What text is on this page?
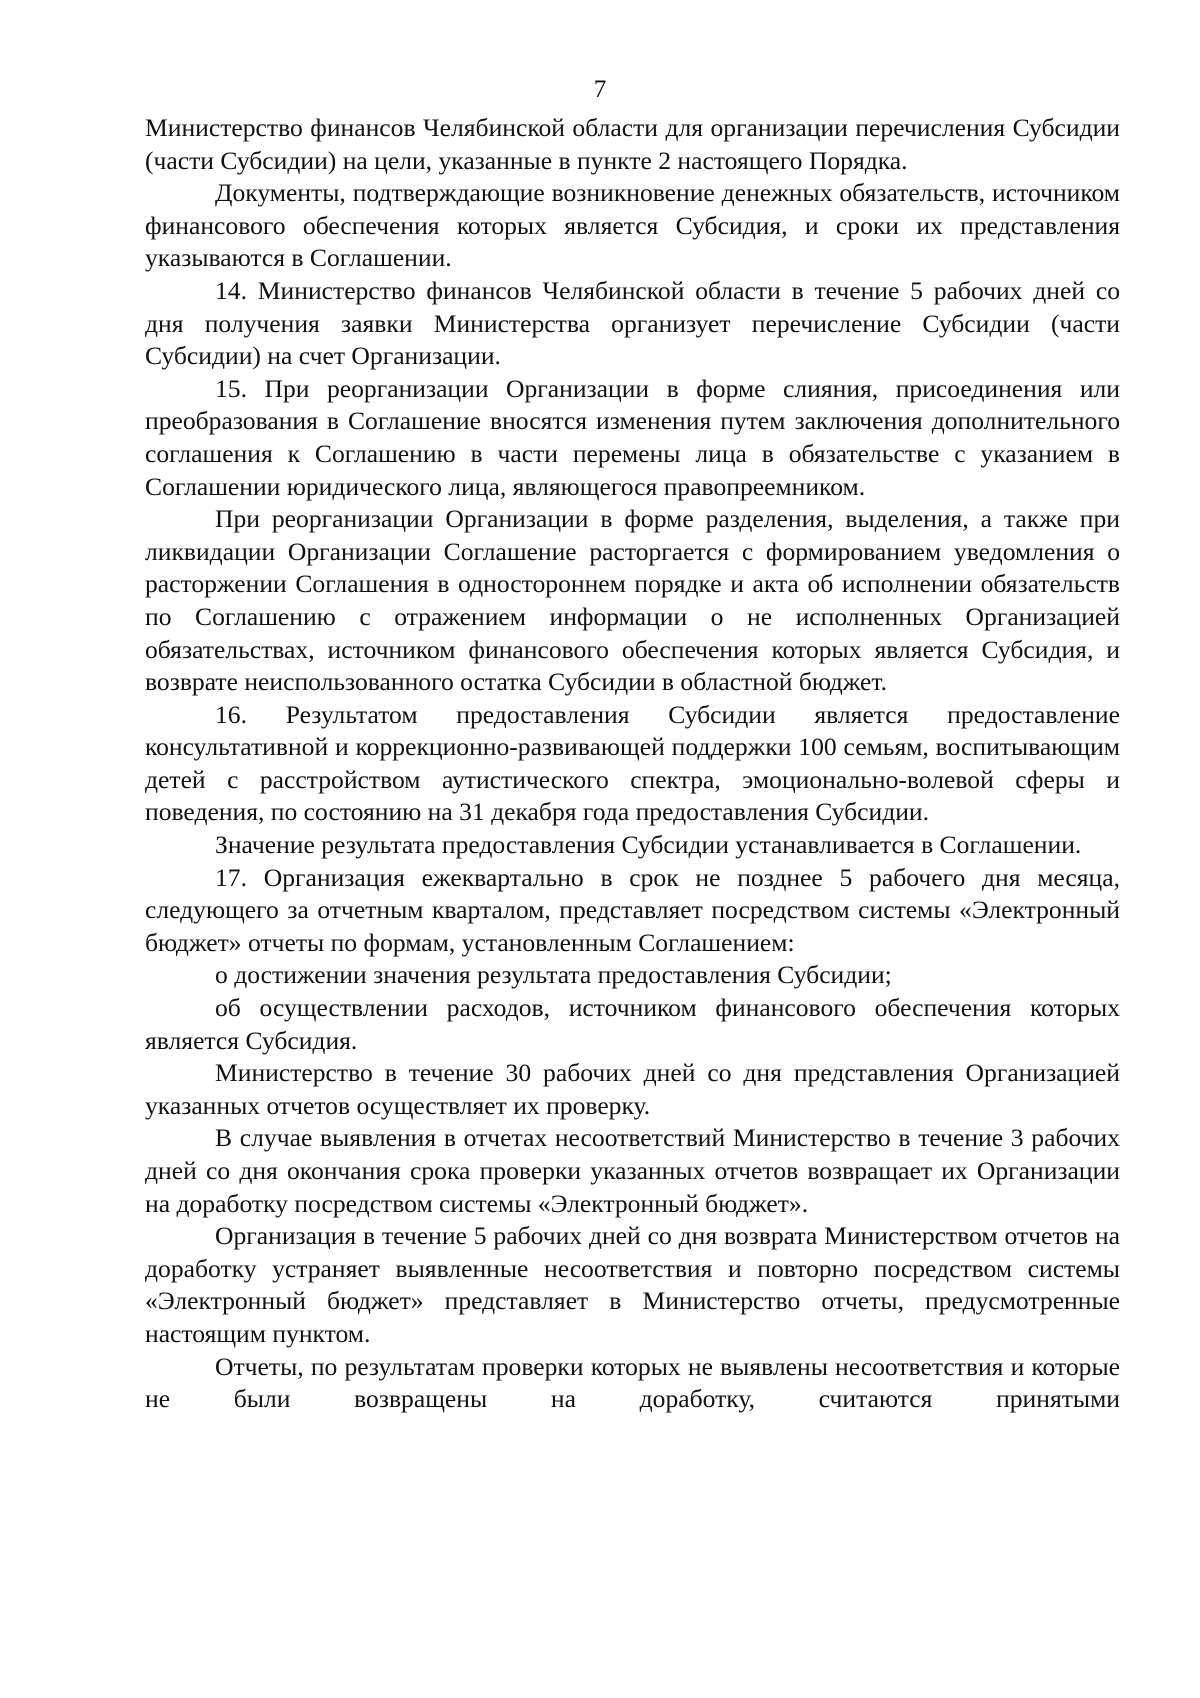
7

Министерство финансов Челябинской области для организации перечисления Субсидии (части Субсидии) на цели, указанные в пункте 2 настоящего Порядка.

Документы, подтверждающие возникновение денежных обязательств, источником финансового обеспечения которых является Субсидия, и сроки их представления указываются в Соглашении.

14. Министерство финансов Челябинской области в течение 5 рабочих дней со дня получения заявки Министерства организует перечисление Субсидии (части Субсидии) на счет Организации.

15. При реорганизации Организации в форме слияния, присоединения или преобразования в Соглашение вносятся изменения путем заключения дополнительного соглашения к Соглашению в части перемены лица в обязательстве с указанием в Соглашении юридического лица, являющегося правопреемником.

При реорганизации Организации в форме разделения, выделения, а также при ликвидации Организации Соглашение расторгается с формированием уведомления о расторжении Соглашения в одностороннем порядке и акта об исполнении обязательств по Соглашению с отражением информации о не исполненных Организацией обязательствах, источником финансового обеспечения которых является Субсидия, и возврате неиспользованного остатка Субсидии в областной бюджет.

16. Результатом предоставления Субсидии является предоставление консультативной и коррекционно-развивающей поддержки 100 семьям, воспитывающим детей с расстройством аутистического спектра, эмоционально-волевой сферы и поведения, по состоянию на 31 декабря года предоставления Субсидии.

Значение результата предоставления Субсидии устанавливается в Соглашении.

17. Организация ежеквартально в срок не позднее 5 рабочего дня месяца, следующего за отчетным кварталом, представляет посредством системы «Электронный бюджет» отчеты по формам, установленным Соглашением:

о достижении значения результата предоставления Субсидии;

об осуществлении расходов, источником финансового обеспечения которых является Субсидия.

Министерство в течение 30 рабочих дней со дня представления Организацией указанных отчетов осуществляет их проверку.

В случае выявления в отчетах несоответствий Министерство в течение 3 рабочих дней со дня окончания срока проверки указанных отчетов возвращает их Организации на доработку посредством системы «Электронный бюджет».

Организация в течение 5 рабочих дней со дня возврата Министерством отчетов на доработку устраняет выявленные несоответствия и повторно посредством системы «Электронный бюджет» представляет в Министерство отчеты, предусмотренные настоящим пунктом.

Отчеты, по результатам проверки которых не выявлены несоответствия и которые не были возвращены на доработку, считаются принятыми
